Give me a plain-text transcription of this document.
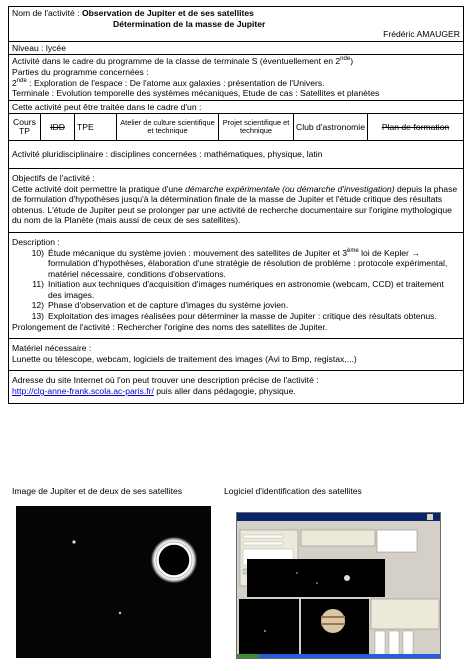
Nom de l'activité : Observation de Jupiter et de ses satellites
Détermination de la masse de Jupiter
Frédéric AMAUGER
Niveau : lycée
Activité dans le cadre du programme de la classe de terminale S (éventuellement en 2nde)
Parties du programme concernées :
2nde : Exploration de l'espace : De l'atome aux galaxies : présentation de l'Univers.
Terminale : Evolution temporelle des systèmes mécaniques, Etude de cas : Satellites et planètes
Cette activité peut être traitée dans le cadre d'un :
Cours TP	IDD	TPE	Atelier de culture scientifique et technique
Projet scientifique et technique	Club d'astronomie	Plan de formation
Activité pluridisciplinaire : disciplines concernées : mathématiques, physique, latin
Objectifs de l'activité :
Cette activité doit permettre la pratique d'une démarche expérimentale (ou démarche d'investigation) depuis la phase de formulation d'hypothèses jusqu'à la détermination finale de la masse de Jupiter et l'étude critique des résultats obtenus. L'étude de Jupiter peut se prolonger par une activité de recherche documentaire sur l'origine mythologique du nom de la Planète (mais aussi de ceux de ses satellites).
Description :
10) Étude mécanique du système jovien : mouvement des satellites de Jupiter et 3ème loi de Kepler → formulation d'hypothèses, élaboration d'une stratégie de résolution de problème : protocole expérimental, matériel nécessaire, conditions d'observations.
11) Initiation aux techniques d'acquisition d'images numériques en astronomie (webcam, CCD) et traitement des images.
12) Phase d'observation et de capture d'images du système jovien.
13) Exploitation des images réalisées pour déterminer la masse de Jupiter : critique des résultats obtenus.
Prolongement de l'activité : Rechercher l'origine des noms des satellites de Jupiter.
Matériel nécessaire :
Lunette ou télescope, webcam, logiciels de traitement des images (Avi to Bmp, registax,...)
Adresse du site Internet où l'on peut trouver une description précise de l'activité :
http://clg-anne-frank.scola.ac-paris.fr/ puis aller dans pédagogie, physique.
Image de Jupiter et de deux de ses satellites	Logiciel d'identification des satellites
